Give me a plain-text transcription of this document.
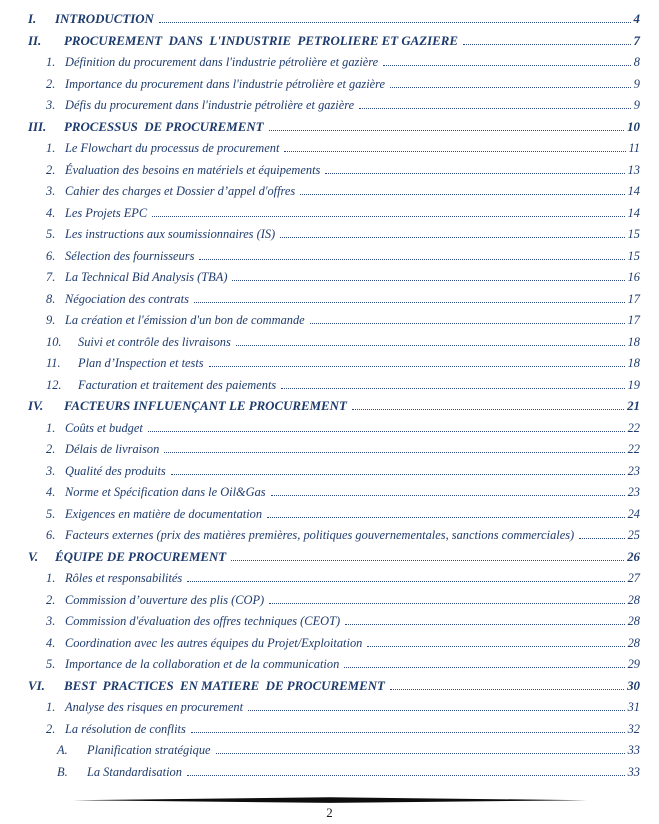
I.	INTRODUCTION	4
II.	PROCUREMENT  DANS  L'INDUSTRIE  PETROLIERE ET GAZIERE	7
1. Définition du procurement dans l'industrie pétrolière et gazière	8
2. Importance du procurement dans l'industrie pétrolière et gazière	9
3. Défis du procurement dans l'industrie pétrolière et gazière	9
III.	PROCESSUS  DE PROCUREMENT	10
1. Le Flowchart du processus de procurement	11
2. Évaluation des besoins en matériels et équipements	13
3. Cahier des charges et Dossier d’appel d'offres	14
4. Les Projets EPC	14
5. Les instructions aux soumissionnaires (IS)	15
6. Sélection des fournisseurs	15
7. La Technical Bid Analysis (TBA)	16
8. Négociation des contrats	17
9. La création et l'émission d'un bon de commande	17
10.	Suivi et contrôle des livraisons	18
11.	Plan d’Inspection et tests	18
12.	Facturation et traitement des paiements	19
IV.	FACTEURS INFLUENÇANT LE PROCUREMENT	21
1. Coûts et budget	22
2. Délais de livraison	22
3. Qualité des produits	23
4. Norme et Spécification dans le Oil&Gas	23
5. Exigences en matière de documentation	24
6. Facteurs externes (prix des matières premières, politiques gouvernementales, sanctions commerciales)	25
V.	ÉQUIPE DE PROCUREMENT	26
1. Rôles et responsabilités	27
2. Commission d’ouverture des plis (COP)	28
3. Commission d'évaluation des offres techniques (CEOT)	28
4. Coordination avec les autres équipes du Projet/Exploitation	28
5. Importance de la collaboration et de la communication	29
VI.	BEST  PRACTICES  EN MATIERE  DE PROCUREMENT	30
1. Analyse des risques en procurement	31
2. La résolution de conflits	32
A.	Planification stratégique	33
B.	La Standardisation	33
2
